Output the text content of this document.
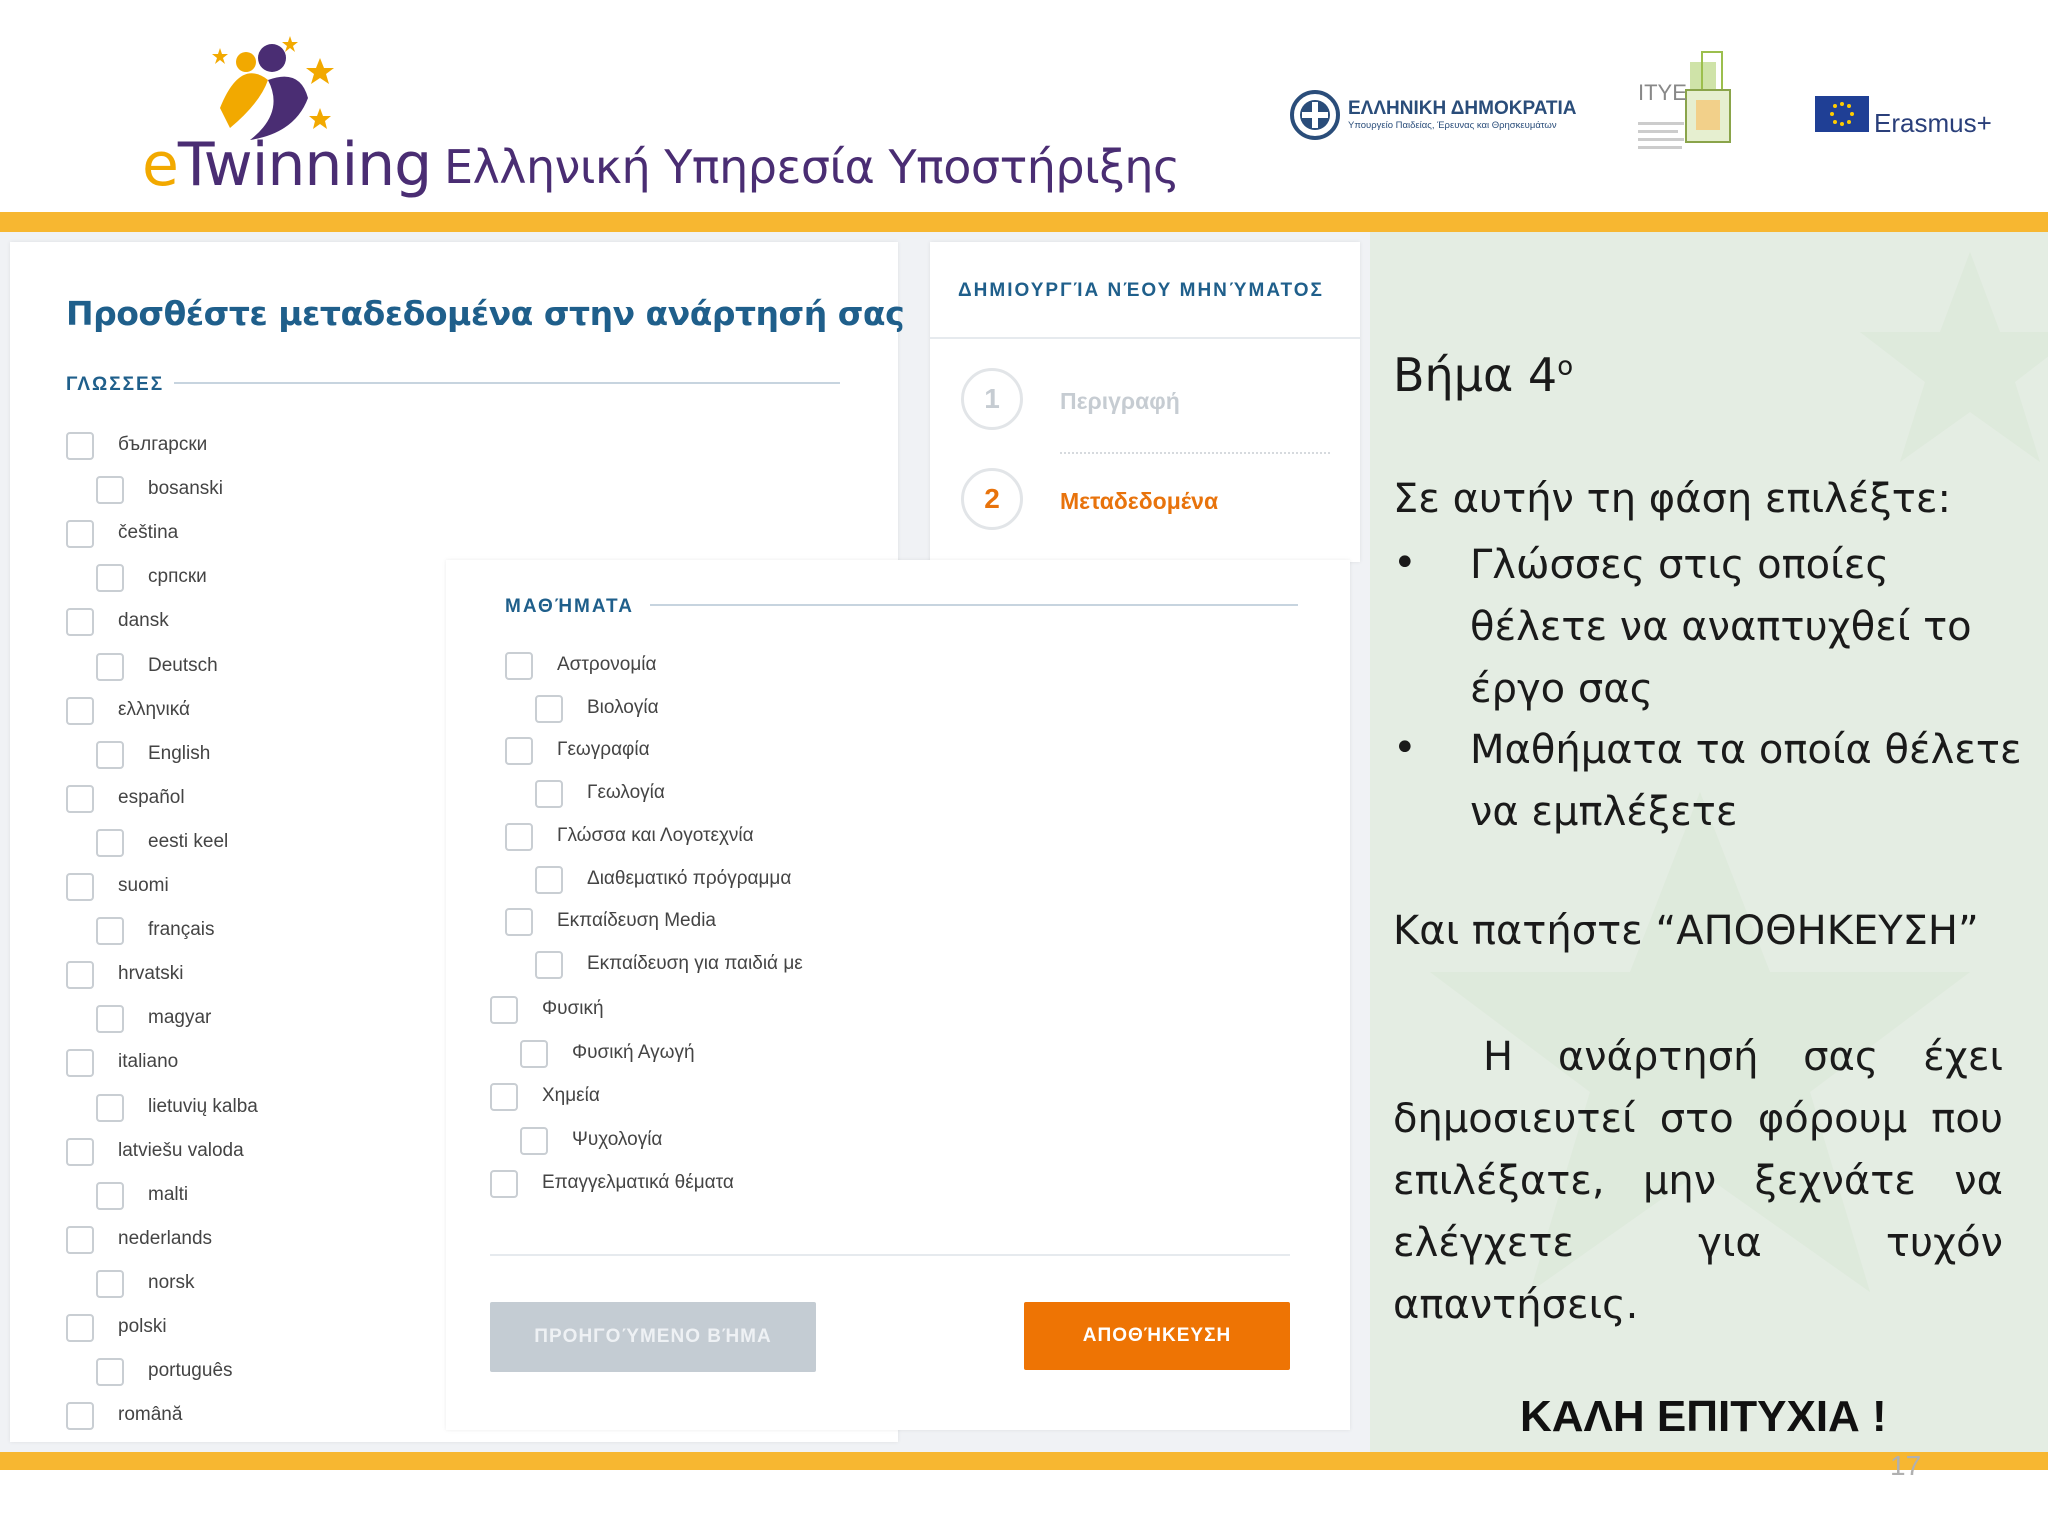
eTwinning Ελληνική Υπηρεσία Υποστήριξης
ΕΛΛΗΝΙΚΗ ΔΗΜΟΚΡΑΤΙΑ
Υπουργείο Παιδείας, Έρευνας και Θρησκευμάτων
ΙΤΥΕ
Erasmus+
Προσθέστε μεταδεδομένα στην ανάρτησή σας
ΓΛΩΣΣΕΣ
български
bosanski
čeština
српски
dansk
Deutsch
ελληνικά
English
español
eesti keel
suomi
français
hrvatski
magyar
italiano
lietuvių kalba
latviešu valoda
malti
nederlands
norsk
polski
português
română
ΔΗΜΙΟΥΡΓΊΑ ΝΈΟΥ ΜΗΝΎΜΑΤΟΣ
1	Περιγραφή
2	Μεταδεδομένα
ΜΑΘΉΜΑΤΑ
Αστρονομία
Βιολογία
Γεωγραφία
Γεωλογία
Γλώσσα και Λογοτεχνία
Διαθεματικό πρόγραμμα
Εκπαίδευση Media
Εκπαίδευση για παιδιά με
Φυσική
Φυσική Αγωγή
Χημεία
Ψυχολογία
Επαγγελματικά θέματα
ΠΡΟΗΓΟΎΜΕΝΟ ΒΉΜΑ	ΑΠΟΘΉΚΕΥΣΗ
Βήμα $4^o$
Σε αυτήν τη φάση επιλέξτε:
• Γλώσσες στις οποίες θέλετε να αναπτυχθεί το έργο σας
• Μαθήματα τα οποία θέλετε να εμπλέξετε
Και πατήστε “ΑΠΟΘΗΚΕΥΣΗ”
Η ανάρτησή σας έχει δημοσιευτεί στο φόρουμ που επιλέξατε, μην ξεχνάτε να ελέγχετε για τυχόν απαντήσεις.
ΚΑΛΗ ΕΠΙΤΥΧΙΑ !
17
